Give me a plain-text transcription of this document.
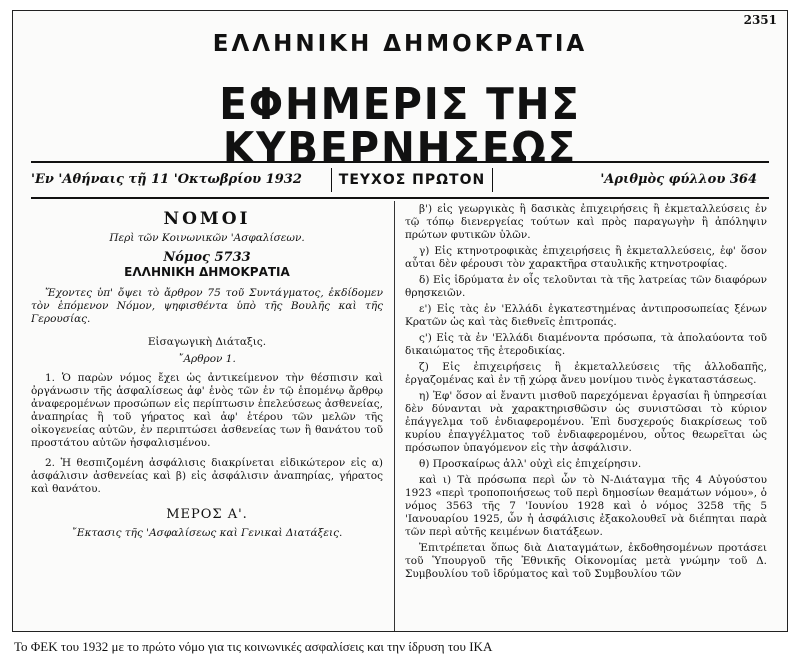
2351
ΕΛΛΗΝΙΚΗ ΔΗΜΟΚΡΑΤΙΑ
ΕΦΗΜΕΡΙΣ ΤΗΣ ΚΥΒΕΡΝΗΣΕΩΣ
'Εν 'Αθήναις τῇ 11 'Οκτωβρίου 1932	ΤΕΥΧΟΣ ΠΡΩΤΟΝ	'Αριθμὸς φύλλου 364
ΝΟΜΟΙ
Περὶ τῶν Κοινωνικῶν 'Ασφαλίσεων.
Νόμος 5733
ΕΛΛΗΝΙΚΗ ΔΗΜΟΚΡΑΤΙΑ

Ἔχοντες ὑπ' ὄψει τὸ ἄρθρον 75 τοῦ Συντάγματος, ἐκδίδομεν τὸν ἑπόμενον Νόμον, ψηφισθέντα ὑπὸ τῆς Βουλῆς καὶ τῆς Γερουσίας.

Εἰσαγωγικὴ Διάταξις.
῎Αρθρον 1.

1. Ὁ παρὼν νόμος ἔχει ὡς ἀντικείμενον τὴν θέσπισιν καὶ ὀργάνωσιν τῆς ἀσφαλίσεως ἀφ' ἑνὸς τῶν ἐν τῷ ἑπομένῳ ἄρθρῳ ἀναφερομένων προσώπων εἰς περίπτωσιν ἐπελεύσεως ἀσθενείας, ἀναπηρίας ἢ τοῦ γήρατος καὶ ἀφ' ἑτέρου τῶν μελῶν τῆς οἰκογενείας αὐτῶν, ἐν περιπτώσει ἀσθενείας των ἢ θανάτου τοῦ προστάτου αὐτῶν ἠσφαλισμένου.

2. Ἡ θεσπιζομένη ἀσφάλισις διακρίνεται εἰδικώτερον εἰς α) ἀσφάλισιν ἀσθενείας καὶ β) εἰς ἀσφάλισιν ἀναπηρίας, γήρατος καὶ θανάτου.

ΜΕΡΟΣ Α'.
῎Εκτασις τῆς 'Ασφαλίσεως καὶ Γενικαὶ Διατάξεις.

β') εἰς γεωργικὰς ἢ δασικὰς ἐπιχειρήσεις ἢ ἐκμεταλλεύσεις ἐν τῷ τόπῳ διενεργείας τούτων καὶ πρὸς παραγωγὴν ἢ ἀπόληψιν πρώτων φυτικῶν ὑλῶν.

γ) Εἰς κτηνοτροφικὰς ἐπιχειρήσεις ἢ ἐκμεταλλεύσεις, ἐφ' ὅσον αὗται δὲν φέρουσι τὸν χαρακτῆρα σταυλικῆς κτηνοτροφίας.

δ) Εἰς ἱδρύματα ἐν οἷς τελοῦνται τὰ τῆς λατρείας τῶν διαφόρων θρησκειῶν.

ε') Εἰς τὰς ἐν 'Ελλάδι ἐγκατεστημένας ἀντιπροσωπείας ξένων Κρατῶν ὡς καὶ τὰς διεθνεῖς ἐπιτροπάς.

ς') Εἰς τὰ ἐν 'Ελλάδι διαμένοντα πρόσωπα, τὰ ἀπολαύοντα τοῦ δικαιώματος τῆς ἑτεροδικίας.

ζ) Εἰς ἐπιχειρήσεις ἢ ἐκμεταλλεύσεις τῆς ἀλλοδαπῆς, ἐργαζομένας καὶ ἐν τῇ χώρᾳ ἄνευ μονίμου τινὸς ἐγκαταστάσεως.

η) Ἐφ' ὅσον αἱ ἔναντι μισθοῦ παρεχόμεναι ἐργασίαι ἢ ὑπηρεσίαι δὲν δύνανται νὰ χαρακτηρισθῶσιν ὡς συνιστῶσαι τὸ κύριον ἐπάγγελμα τοῦ ἐνδιαφερομένου. Ἐπὶ δυσχερούς διακρίσεως τοῦ κυρίου ἐπαγγέλματος τοῦ ἐνδιαφερομένου, οὗτος θεωρεῖται ὡς πρόσωπον ὑπαγόμενον εἰς τὴν ἀσφάλισιν.

θ) Προσκαίρως ἀλλ' οὐχὶ εἰς ἐπιχείρησιν.

καὶ ι) Τὰ πρόσωπα περὶ ὧν τὸ Ν-Διάταγμα τῆς 4 Αὐγούστου 1923 «περὶ τροποποιήσεως τοῦ περὶ δημοσίων θεαμάτων νόμου», ὁ νόμος 3563 τῆς 7 'Ιουνίου 1928 καὶ ὁ νόμος 3258 τῆς 5 'Ιανουαρίου 1925, ὧν ἡ ἀσφάλισις ἐξακολουθεῖ νὰ διέπηται παρὰ τῶν περὶ αὐτῆς κειμένων διατάξεων.

Ἐπιτρέπεται ὅπως διὰ Διαταγμάτων, ἐκδοθησομένων προτάσει τοῦ Ὑπουργοῦ τῆς Ἐθνικῆς Οἰκονομίας μετὰ γνώμην τοῦ Δ. Συμβουλίου τοῦ ἱδρύματος καὶ τοῦ Συμβουλίου τῶν

Το ΦΕΚ του 1932 με το πρώτο νόμο για τις κοινωνικές ασφαλίσεις και την ίδρυση του ΙΚΑ
